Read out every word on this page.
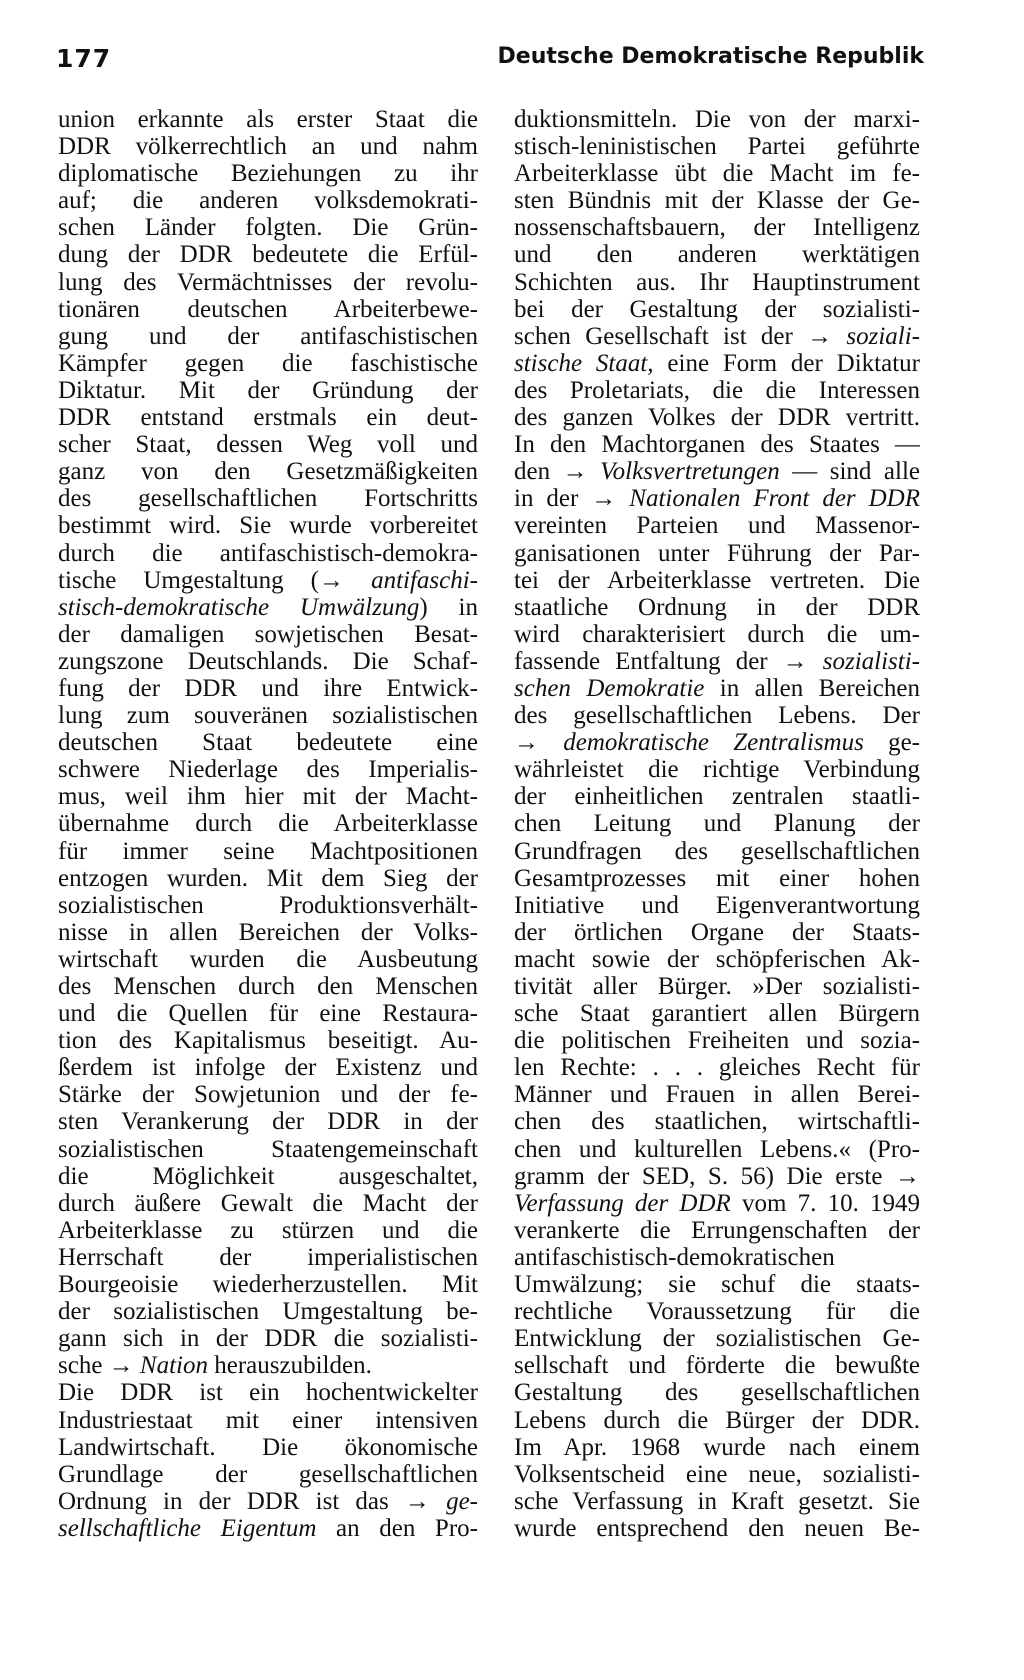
177	Deutsche Demokratische Republik
union erkannte als erster Staat die
DDR völkerrechtlich an und nahm
diplomatische Beziehungen zu ihr
auf; die anderen volksdemokrati-
schen Länder folgten. Die Grün-
dung der DDR bedeutete die Erfül-
lung des Vermächtnisses der revolu-
tionären deutschen Arbeiterbewe-
gung und der antifaschistischen
Kämpfer gegen die faschistische
Diktatur. Mit der Gründung der
DDR entstand erstmals ein deut-
scher Staat, dessen Weg voll und
ganz von den Gesetzmäßigkeiten
des gesellschaftlichen Fortschritts
bestimmt wird. Sie wurde vorbereitet
durch die antifaschistisch-demokra-
tische Umgestaltung (→ antifaschi-
stisch-demokratische Umwälzung) in
der damaligen sowjetischen Besat-
zungszone Deutschlands. Die Schaf-
fung der DDR und ihre Entwick-
lung zum souveränen sozialistischen
deutschen Staat bedeutete eine
schwere Niederlage des Imperialis-
mus, weil ihm hier mit der Macht-
übernahme durch die Arbeiterklasse
für immer seine Machtpositionen
entzogen wurden. Mit dem Sieg der
sozialistischen Produktionsverhält-
nisse in allen Bereichen der Volks-
wirtschaft wurden die Ausbeutung
des Menschen durch den Menschen
und die Quellen für eine Restaura-
tion des Kapitalismus beseitigt. Au-
ßerdem ist infolge der Existenz und
Stärke der Sowjetunion und der fe-
sten Verankerung der DDR in der
sozialistischen Staatengemeinschaft
die Möglichkeit ausgeschaltet,
durch äußere Gewalt die Macht der
Arbeiterklasse zu stürzen und die
Herrschaft der imperialistischen
Bourgeoisie wiederherzustellen. Mit
der sozialistischen Umgestaltung be-
gann sich in der DDR die sozialisti-
sche → Nation herauszubilden.
Die DDR ist ein hochentwickelter
Industriestaat mit einer intensiven
Landwirtschaft. Die ökonomische
Grundlage der gesellschaftlichen
Ordnung in der DDR ist das → ge-
sellschaftliche Eigentum an den Pro-
duktionsmitteln. Die von der marxi-
stisch-leninistischen Partei geführte
Arbeiterklasse übt die Macht im fe-
sten Bündnis mit der Klasse der Ge-
nossenschaftsbauern, der Intelligenz
und den anderen werktätigen
Schichten aus. Ihr Hauptinstrument
bei der Gestaltung der sozialisti-
schen Gesellschaft ist der → soziali-
stische Staat, eine Form der Diktatur
des Proletariats, die die Interessen
des ganzen Volkes der DDR vertritt.
In den Machtorganen des Staates —
den → Volksvertretungen — sind alle
in der → Nationalen Front der DDR
vereinten Parteien und Massenor-
ganisationen unter Führung der Par-
tei der Arbeiterklasse vertreten. Die
staatliche Ordnung in der DDR
wird charakterisiert durch die um-
fassende Entfaltung der → sozialisti-
schen Demokratie in allen Bereichen
des gesellschaftlichen Lebens. Der
→ demokratische Zentralismus ge-
währleistet die richtige Verbindung
der einheitlichen zentralen staatli-
chen Leitung und Planung der
Grundfragen des gesellschaftlichen
Gesamtprozesses mit einer hohen
Initiative und Eigenverantwortung
der örtlichen Organe der Staats-
macht sowie der schöpferischen Ak-
tivität aller Bürger. »Der sozialisti-
sche Staat garantiert allen Bürgern
die politischen Freiheiten und sozia-
len Rechte: . . . gleiches Recht für
Männer und Frauen in allen Berei-
chen des staatlichen, wirtschaftli-
chen und kulturellen Lebens.« (Pro-
gramm der SED, S. 56) Die erste →
Verfassung der DDR vom 7. 10. 1949
verankerte die Errungenschaften der
antifaschistisch-demokratischen
Umwälzung; sie schuf die staats-
rechtliche Voraussetzung für die
Entwicklung der sozialistischen Ge-
sellschaft und förderte die bewußte
Gestaltung des gesellschaftlichen
Lebens durch die Bürger der DDR.
Im Apr. 1968 wurde nach einem
Volksentscheid eine neue, sozialisti-
sche Verfassung in Kraft gesetzt. Sie
wurde entsprechend den neuen Be-
